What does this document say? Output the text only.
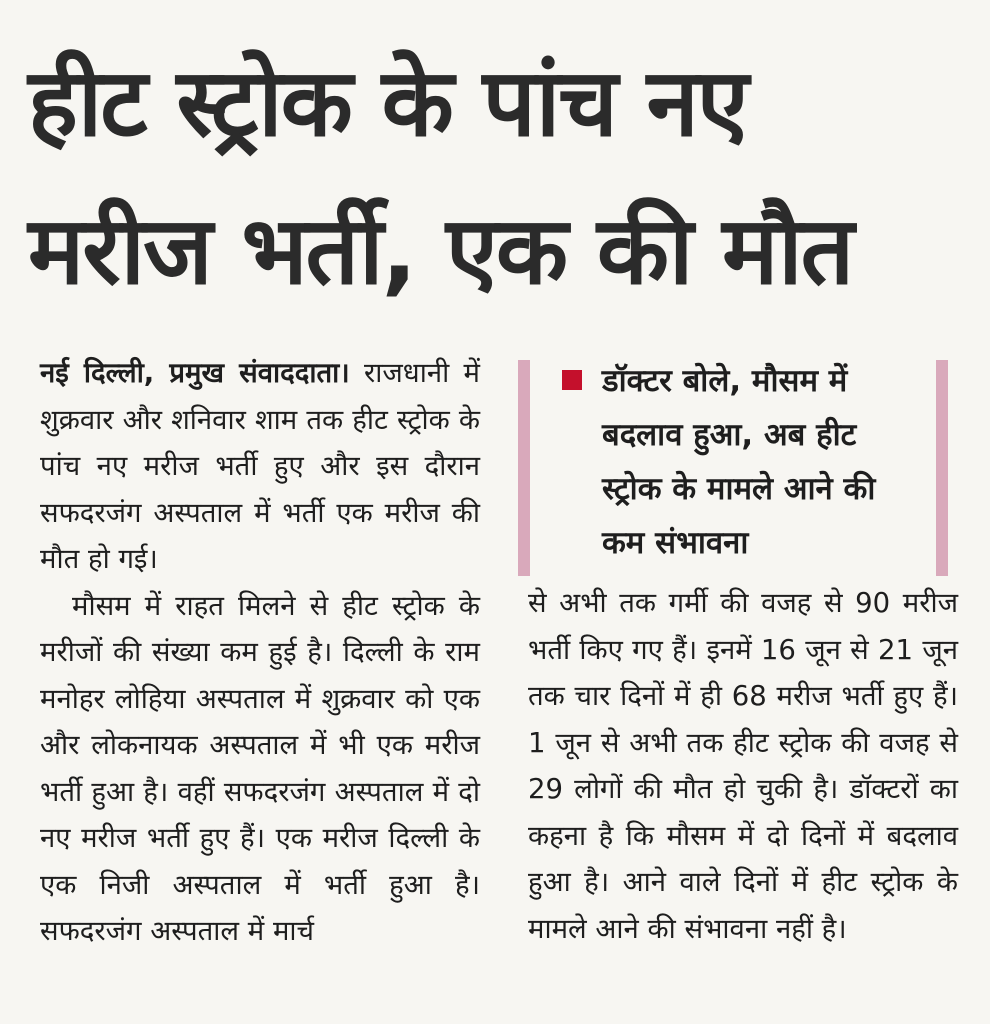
हीट स्ट्रोक के पांच नए
मरीज भर्ती, एक की मौत

नई दिल्ली, प्रमुख संवाददाता। राजधानी में शुक्रवार और शनिवार शाम तक हीट स्ट्रोक के पांच नए मरीज भर्ती हुए और इस दौरान सफदरजंग अस्पताल में भर्ती एक मरीज की मौत हो गई।

मौसम में राहत मिलने से हीट स्ट्रोक के मरीजों की संख्या कम हुई है। दिल्ली के राम मनोहर लोहिया अस्पताल में शुक्रवार को एक और लोकनायक अस्पताल में भी एक मरीज भर्ती हुआ है। वहीं सफदरजंग अस्पताल में दो नए मरीज भर्ती हुए हैं। एक मरीज दिल्ली के एक निजी अस्पताल में भर्ती हुआ है। सफदरजंग अस्पताल में मार्च

डॉक्टर बोले, मौसम में बदलाव हुआ, अब हीट स्ट्रोक के मामले आने की कम संभावना

से अभी तक गर्मी की वजह से 90 मरीज भर्ती किए गए हैं। इनमें 16 जून से 21 जून तक चार दिनों में ही 68 मरीज भर्ती हुए हैं। 1 जून से अभी तक हीट स्ट्रोक की वजह से 29 लोगों की मौत हो चुकी है। डॉक्टरों का कहना है कि मौसम में दो दिनों में बदलाव हुआ है। आने वाले दिनों में हीट स्ट्रोक के मामले आने की संभावना नहीं है।
